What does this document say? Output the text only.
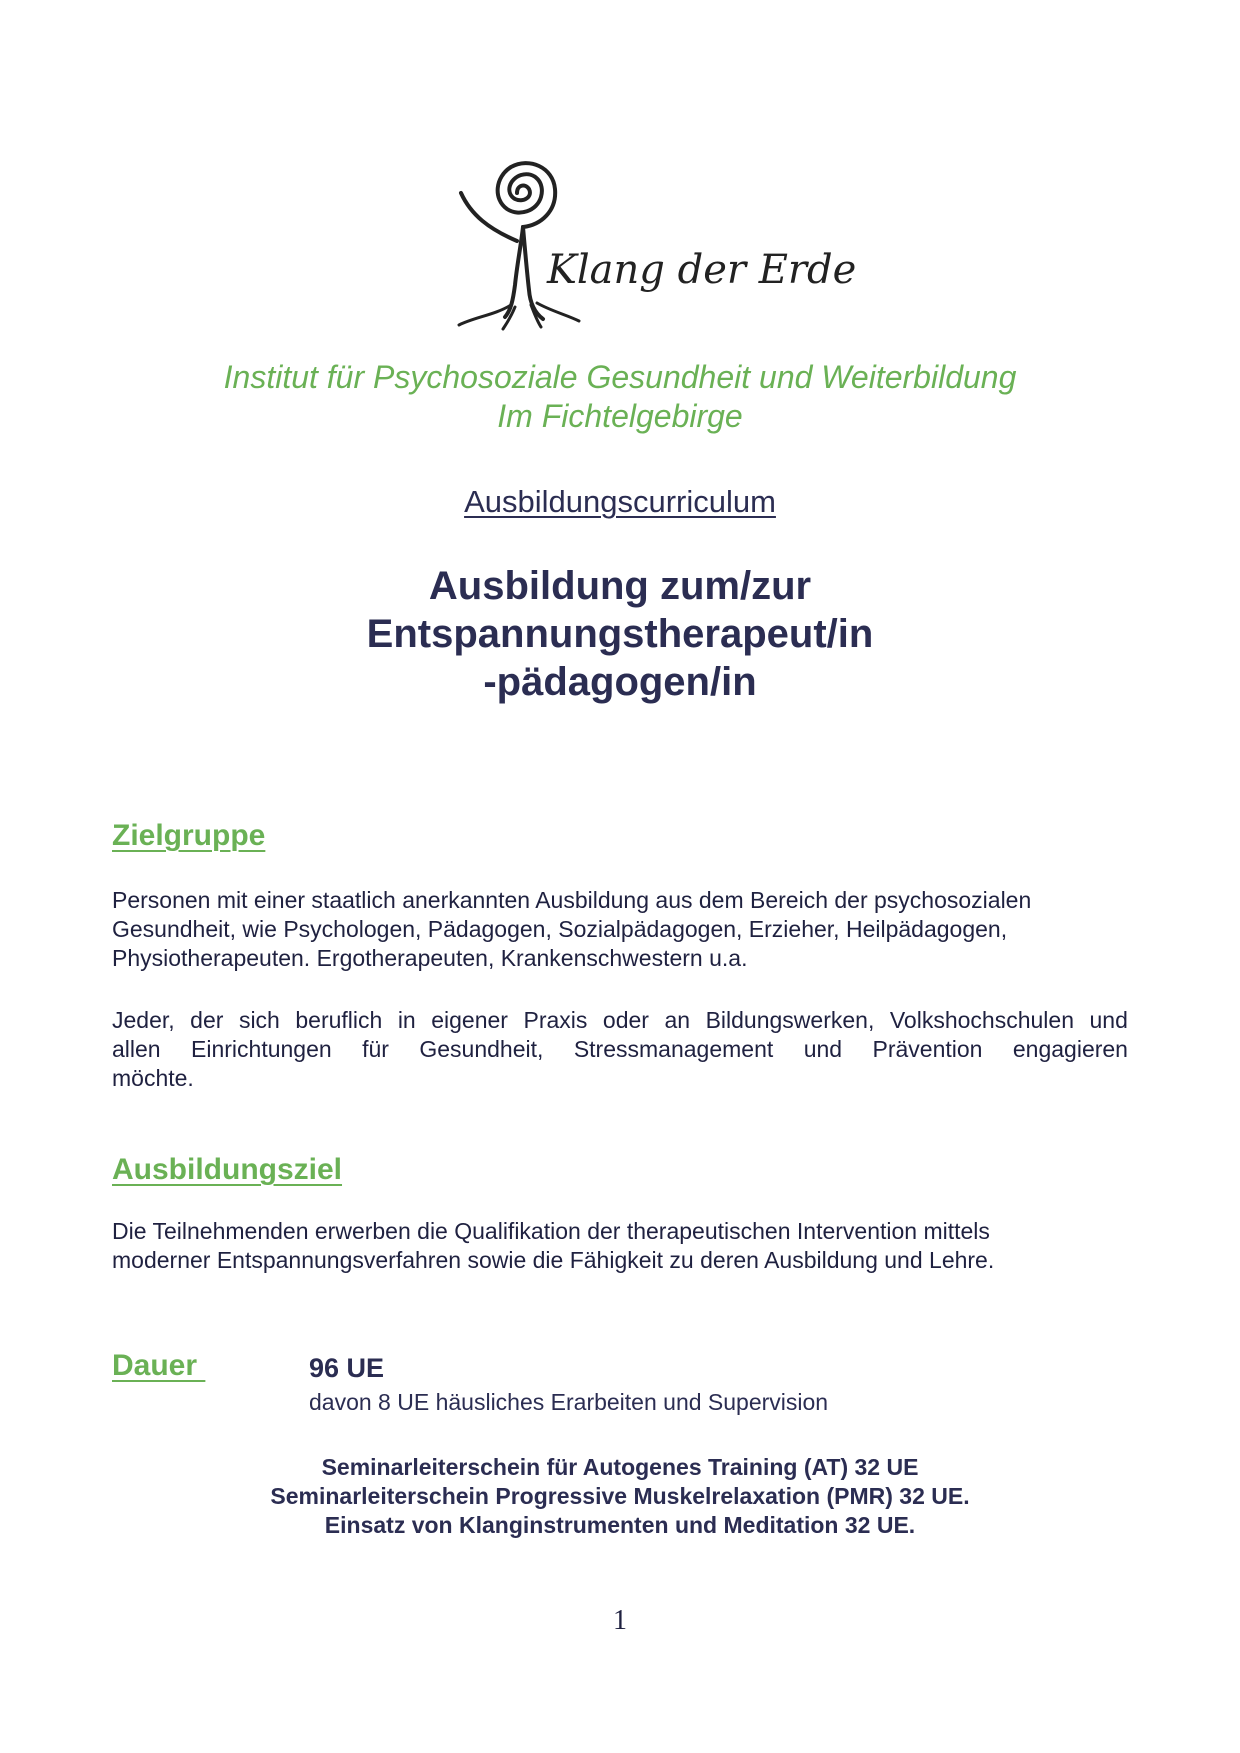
Klang der Erde
Institut für Psychosoziale Gesundheit und Weiterbildung
Im Fichtelgebirge
Ausbildungscurriculum
Ausbildung zum/zur
Entspannungstherapeut/in
-pädagogen/in
Zielgruppe
Personen mit einer staatlich anerkannten Ausbildung aus dem Bereich der psychosozialen
Gesundheit, wie Psychologen, Pädagogen, Sozialpädagogen, Erzieher, Heilpädagogen,
Physiotherapeuten. Ergotherapeuten, Krankenschwestern u.a.
Jeder, der sich beruflich in eigener Praxis oder an Bildungswerken, Volkshochschulen und
allen Einrichtungen für Gesundheit, Stressmanagement und Prävention engagieren
möchte.
Ausbildungsziel
Die Teilnehmenden erwerben die Qualifikation der therapeutischen Intervention mittels
moderner Entspannungsverfahren sowie die Fähigkeit zu deren Ausbildung und Lehre.
Dauer	96 UE
davon 8 UE häusliches Erarbeiten und Supervision
Seminarleiterschein für Autogenes Training (AT) 32 UE
Seminarleiterschein Progressive Muskelrelaxation (PMR) 32 UE.
Einsatz von Klanginstrumenten und Meditation 32 UE.
1
